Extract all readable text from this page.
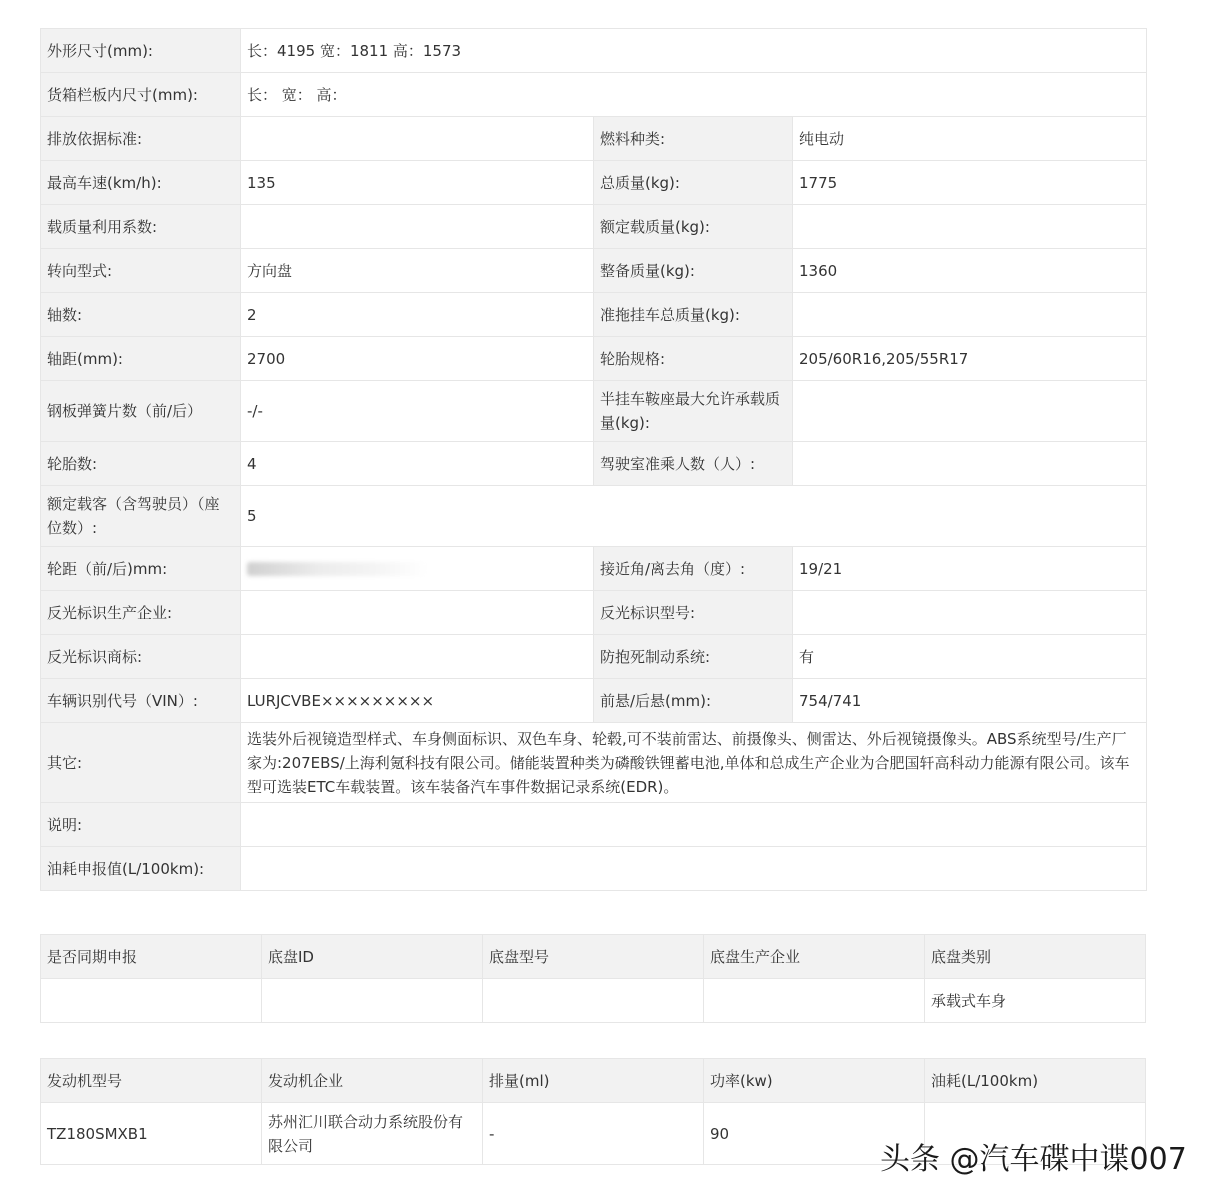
外形尺寸(mm):	长：4195 宽：1811 高：1573		
货箱栏板内尺寸(mm):	长： 宽： 高：		
排放依据标准:		燃料种类:	纯电动
最高车速(km/h):	135	总质量(kg):	1775
载质量利用系数:		额定载质量(kg):	
转向型式:	方向盘	整备质量(kg):	1360
轴数:	2	准拖挂车总质量(kg):	
轴距(mm):	2700	轮胎规格:	205/60R16,205/55R17

钢板弹簧片数（前/后）	-/-	半挂车鞍座最大允许承载质量(kg):	
轮胎数:	4	驾驶室准乘人数（人）:	
额定载客（含驾驶员）（座位数）:	5		
轮距（前/后)mm:		接近角/离去角（度）:	19/21
反光标识生产企业:		反光标识型号:	
反光标识商标:		防抱死制动系统:	有
车辆识别代号（VIN）:	LURJCVBE×××××××××	前悬/后悬(mm):	754/741
其它:	选装外后视镜造型样式、车身侧面标识、双色车身、轮毂,可不装前雷达、前摄像头、侧雷达、外后视镜摄像头。ABS系统型号/生产厂家为:207EBS/上海利氪科技有限公司。储能装置种类为磷酸铁锂蓄电池,单体和总成生产企业为合肥国轩高科动力能源有限公司。该车型可选装ETC车载装置。该车装备汽车事件数据记录系统(EDR)。		
说明:			
油耗申报值(L/100km):			
是否同期申报	底盘ID	底盘型号	底盘生产企业	底盘类别
				承载式车身
发动机型号	发动机企业	排量(ml)	功率(kw)	油耗(L/100km)
TZ180SMXB1	苏州汇川联合动力系统股份有限公司	-	90	
头条 @汽车碟中谍007
